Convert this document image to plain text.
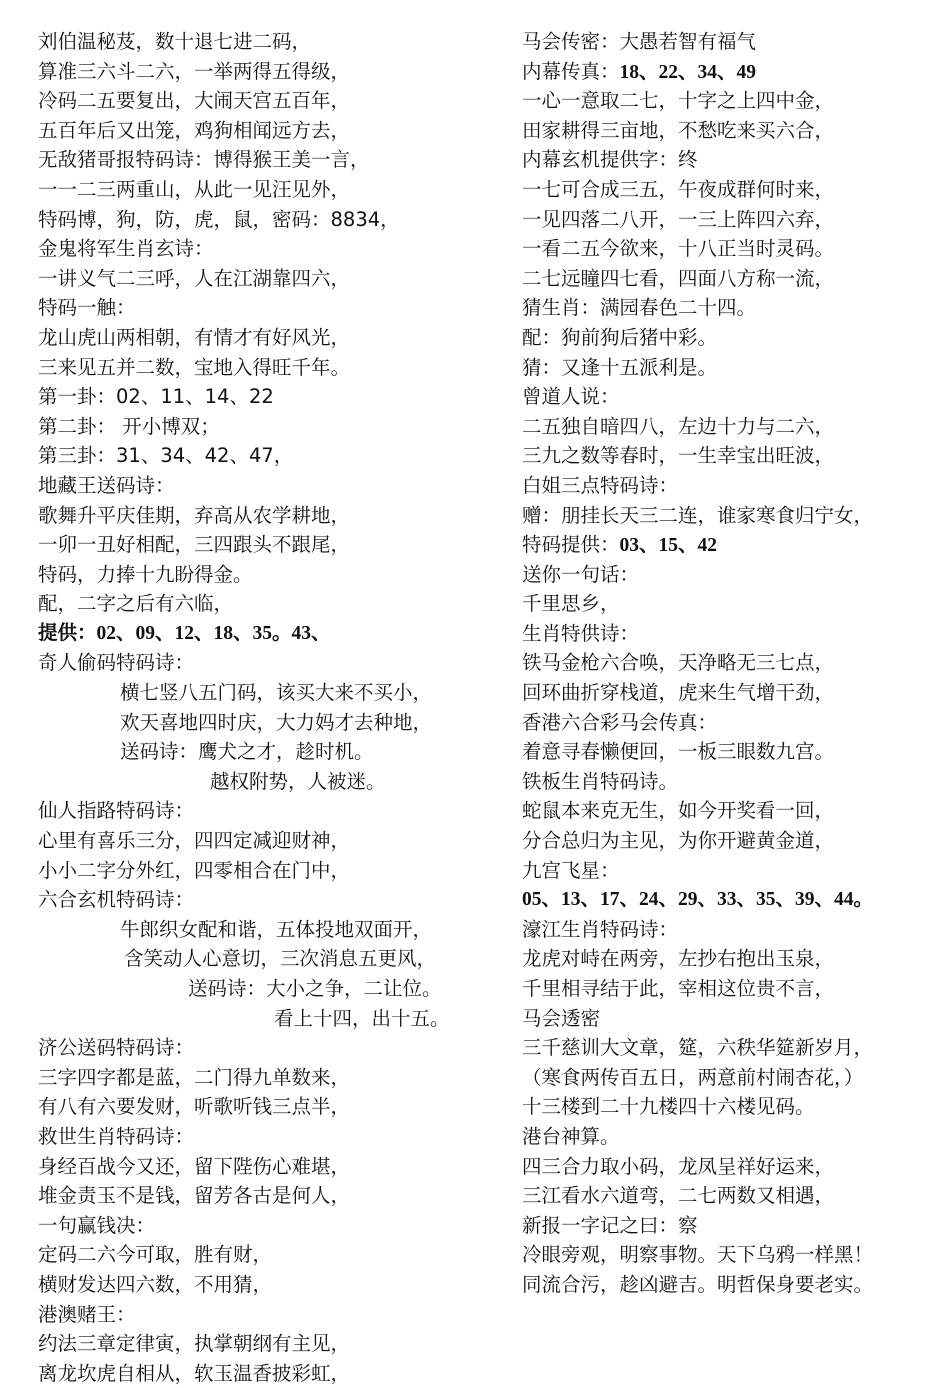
刘伯温秘芨，数十退七进二码，
算准三六斗二六，一举两得五得级，
冷码二五要复出，大闹天宫五百年，
五百年后又出笼，鸡狗相闻远方去，
无敌猪哥报特码诗：博得猴王美一言，
一一二三两重山，从此一见汪见外，
特码博，狗，防，虎，鼠，密码：8834，
金鬼将军生肖玄诗：
一讲义气二三呼，人在江湖靠四六，
特码一触：
龙山虎山两相朝，有情才有好风光，
三来见五并二数，宝地入得旺千年。
第一卦：02、11、14、22
第二卦： 开小博双；
第三卦：31、34、42、47，
地藏王送码诗：
歌舞升平庆佳期，弃高从农学耕地，
一卯一丑好相配，三四跟头不跟尾，
特码，力捧十九盼得金。
配，二字之后有六临，
提供：02、09、12、18、35。43、
奇人偷码特码诗：
横七竖八五门码，该买大来不买小，
欢天喜地四时庆，大力妈才去种地，
送码诗：鹰犬之才，趁时机。
越权附势，人被迷。
仙人指路特码诗：
心里有喜乐三分，四四定减迎财神，
小小二字分外红，四零相合在门中，
六合玄机特码诗：
牛郎织女配和谐，五体投地双面开，
含笑动人心意切，三次消息五更风，
送码诗：大小之争，二让位。
看上十四，出十五。
济公送码特码诗：
三字四字都是蓝，二门得九单数来，
有八有六要发财，听歌听钱三点半，
救世生肖特码诗：
身经百战今又还，留下陛伤心难堪，
堆金责玉不是钱，留芳各古是何人，
一句赢钱决：
定码二六今可取，胜有财，
横财发达四六数，不用猜，
港澳赌王：
约法三章定律寅，执掌朝纲有主见，
离龙坎虎自相从，软玉温香披彩虹，
马会传密：大愚若智有福气
内幕传真：18、22、34、49
一心一意取二七，十字之上四中金，
田家耕得三亩地，不愁吃来买六合，
内幕玄机提供字：终
一七可合成三五，午夜成群何时来，
一见四落二八开，一三上阵四六弃，
一看二五今欲来，十八正当时灵码。
二七远瞳四七看，四面八方称一流，
猜生肖：满园春色二十四。
配：狗前狗后猪中彩。
猜：又逢十五派利是。
曾道人说：
二五独自暗四八，左边十力与二六，
三九之数等春时，一生幸宝出旺波，
白姐三点特码诗：
赠：朋挂长天三二连，谁家寒食归宁女，
特码提供：03、15、42
送你一句话：
千里思乡，
生肖特供诗：
铁马金枪六合唤，天净略无三七点，
回环曲折穿栈道，虎来生气增干劲，
香港六合彩马会传真：
着意寻春懒便回，一板三眼数九宫。
铁板生肖特码诗。
蛇鼠本来克无生，如今开奖看一回，
分合总归为主见，为你开避黄金道，
九宫飞星：
05、13、17、24、29、33、35、39、44。
濠江生肖特码诗：
龙虎对峙在两旁，左抄右抱出玉泉，
千里相寻结于此，宰相这位贵不言，
马会透密
三千慈训大文章，筵，六秩华筵新岁月，
（寒食两传百五日，两意前村闹杏花，）
十三楼到二十九楼四十六楼见码。
港台神算。
四三合力取小码，龙凤呈祥好运来，
三江看水六道弯，二七两数又相遇，
新报一字记之曰：察
冷眼旁观，明察事物。天下乌鸦一样黑！
同流合污，趁凶避吉。明哲保身要老实。
